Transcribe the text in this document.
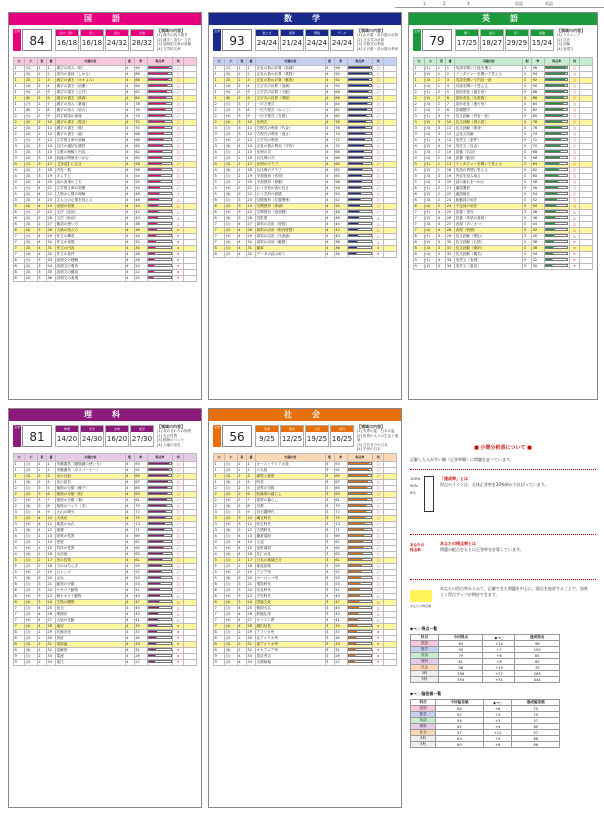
1	2	3	国語	英語
国　語
全体
84
話す・聞く
16/18
書く
16/18
読む
24/32
言語
28/32
【領域の内容】
[1] 漢字の読み書き
[2] 漢字・語句・文法
[3] 説明的文章の読解
[4] 文学的文章
大	小	領	番	出題内容	配	率	得点率	判	
1	(1)	1	1	漢字の読み（暗）	4	90		○	
1	(2)	1	2	語句の意味（しかる）	4	86		○	
1	(3)	1	3	漢字の書き（オオよみ）	4	88		○	
1	(4)	2	4	漢字の書き（治療）	4	84		○	
1	(5)	2	5	漢字の書き（公共）	4	82		○	
1	(6)	2	6	漢字の書き（経緯）	4	80		○	
1	(7)	1	7	漢字の読み（暴落）	4	78		○	
1	(8)	1	8	漢字の読み（頃合）	4	76		○	
2	(1)	2	9	四字熟語の意味	4	74		○	
2	(2)	2	10	漢字の書き（復活）	4	72		○	
2	(3)	2	11	漢字の書き（強）	4	70		○	
2	(4)	2	12	漢字の書き（疑）	4	68		○	
3	(1)	3	13	文学的文章の読解	4	66		○	
3	(2)	3	14	目次の適切な選択	4	64		○	
3	(3)	3	15	文脈の理解と内容	4	62		○	
3	(4)	3	16	段落の関係をつかむ	4	60		○	
4	(1)	3	17	【対話】に注目	4	58		○	
4	(2)	3	18	内容一覧	4	56		○	
4	(3)	3	19	あらすじ	4	54		○	
4	(4)	4	20	詩の表現の工夫	4	52		○	
5	(1)	4	21	文学的文章の展開	4	50		○	
5	(2)	4	22	人物の心情の理解	4	48		○	
5	(3)	4	23	主人公の心情を捉える	4	46		△	
5	(4)	4	24	表現の効果	4	44		△	
6	(1)	2	25	文法（品詞）	4	42		△	
6	(2)	2	26	文法（助詞）	4	40		△	
6	(3)	2	27	敬語の使い方	4	38		△	
6	(4)	3	28	古典の読み方	4	36		×	
7	(1)	4	29	作文の構成	4	34		×	
7	(2)	4	30	作文の表現	4	32		×	
7	(3)	4	31	作文の内容	4	30		×	
7	(4)	4	32	作文の条件	4	28		×	
8	(1)	3	33	説明文の理解	4	26		×	
8	(2)	3	34	説明文の要旨	4	24		×	
8	(3)	3	35	説明文の構成	4	22		×	
8	(4)	3	36	説明文の表現	4	20		×	
数　学
全体
93
数と式
24/24
図形
21/24
関数
24/24
データ
24/24
【領域の内容】
[1] 正の数・負の数の計算
[2] 文字式の計算
[3] 方程式の利用
[4] 正の数・負の数の利用
大	小	領	番	出題内容	配	率	得点率	判	
1	(1)	1	1	正負の数の計算（加減）	4	96		○	
1	(2)	1	2	正負の数の計算（乗除）	4	94		○	
1	(3)	1	3	正負の数の計算（累乗）	4	92		○	
1	(4)	2	4	文字式の計算（加減）	4	90		○	
1	(5)	2	5	文字式の計算（分配）	4	88		○	
1	(6)	2	6	文字式の計算（乗除）	4	86		○	
2	(1)	3	7	一次方程式	4	84		○	
2	(2)	3	8	一次方程式（かっこ）	4	82		○	
2	(3)	3	9	一次方程式（分数）	4	80		○	
2	(4)	3	10	比例式	4	78		○	
3	(1)	3	11	方程式の利用（代金）	4	76		○	
3	(2)	3	12	方程式の利用（速さ）	4	74		○	
3	(3)	2	13	文字式の利用	4	72		○	
3	(4)	4	14	正負の数の利用（平均）	4	70		○	
4	(1)	1	15	比例の式	4	68		○	
4	(2)	1	16	反比例の式	4	66		○	
4	(3)	1	17	比例のグラフ	4	64		○	
4	(4)	1	18	反比例のグラフ	4	62		○	
5	(1)	2	19	平面図形（作図）	4	60		○	
5	(2)	2	20	平面図形（移動）	4	58		○	
5	(3)	2	21	おうぎ形の弧の長さ	4	56		○	
5	(4)	2	22	おうぎ形の面積	4	54		○	
6	(1)	3	23	空間図形（位置関係）	4	52		○	
6	(2)	3	24	空間図形（体積）	4	50		○	
6	(3)	3	25	空間図形（表面積）	4	48		○	
6	(4)	3	26	投影図	4	46		△	
7	(1)	4	27	資料の活用（度数）	4	44		△	
7	(2)	4	28	資料の活用（相対度数）	4	42		△	
7	(3)	4	29	資料の活用（代表値）	4	40		△	
7	(4)	4	30	資料の活用（範囲）	4	38		△	
8	(1)	4	31	確率	4	36		×	
8	(2)	4	32	データの読み取り	4	34		×	
英　語
全体
79
聞く
17/25
読む
18/27
書く
29/29
語彙
15/24
【領域の内容】
[1] リスニング
[2] 文法
[3] 読解
[4] 表現力
大	小	領	番	出題内容	配	率	得点率	判	
1	(1)	1	1	英語を聞いて絵を選ぶ	3	96		○	
1	(2)	1	2	インタビューを聞いて答える	3	94		○	
1	(3)	1	3	英語を聞いて内容一致	3	92		○	
1	(4)	1	4	対話を聞いて答える	3	90		○	
2	(1)	2	5	語形変化（過去形）	3	88		○	
2	(2)	2	6	語形変化（比較級）	3	86		○	
2	(3)	2	7	語形変化（進行形）	3	84		○	
2	(4)	2	8	語順整序	3	82		○	
3	(1)	3	9	長文読解（内容一致）	3	80		○	
3	(2)	3	10	長文読解（指示語）	3	78		○	
3	(3)	3	11	長文読解（要旨）	3	76		○	
3	(4)	3	12	会話文読解	3	74		○	
4	(1)	4	13	英作文（条件）	3	72		○	
4	(2)	4	14	英作文（自由）	3	70		○	
4	(3)	2	15	語彙（名詞）	3	68		○	
4	(4)	2	16	語彙（動詞）	3	66		○	
5	(1)	1	17	インタビューを聞いて答える	3	64		○	
5	(2)	1	18	英語の質問に答える	3	62		○	
5	(3)	3	19	内容を読み取る	3	60		○	
5	(4)	3	20	話の流れをつかむ	3	58		○	
6	(1)	2	21	適語選択	3	56		○	
6	(2)	2	22	適語補充	3	54		○	
6	(3)	2	23	助動詞の用法	3	52		○	
6	(4)	2	24	不定詞の用法	3	50		○	
7	(1)	4	25	語彙・発音	3	48		△	
7	(2)	4	26	語彙（単語の意味）	3	46		△	
7	(3)	4	27	表現（あいさつ）	3	44		△	
7	(4)	4	28	表現（依頼）	3	42		△	
8	(1)	3	29	長文読解（理由）	3	40		△	
8	(2)	3	30	長文読解（心情）	3	38		×	
8	(3)	3	31	長文読解（要約）	3	36		×	
8	(4)	3	32	長文読解（題名）	3	34		×	
9	(1)	4	33	英作文（表現）	3	32		×	
9	(2)	4	34	英作文（意見）	3	30		×	
理　科
全体
81
物理
14/20
化学
24/30
生物
16/20
地学
27/30
【領域の内容】
[1] 身のまわりの物質
[2] 光の性質
[3] 植物のつくり
[4] 大地の変化
大	小	領	番	出題内容	配	率	得点率	判	
1	(1)	1	1	実験器具（顕微鏡の使い方）	4	93		○	
1	(2)	1	2	実験器具（ガスバーナー）	4	91		○	
1	(3)	2	3	光の反射	4	89		○	
1	(4)	2	4	光の屈折	4	87		○	
2	(1)	3	5	植物の分類（種子）	4	85		○	
2	(2)	3	6	植物の分類（根）	4	83		○	
2	(3)	3	7	植物の分類（葉）	4	81		○	
2	(4)	3	8	植物のつくり（花）	4	79		○	
3	(1)	4	9	火山の噴火	4	77		○	
3	(2)	4	10	火成岩	4	75		○	
3	(3)	4	11	地震のゆれ	4	73		○	
3	(4)	4	12	地層	4	71		○	
4	(1)	1	13	物質の性質	4	69		○	
4	(2)	1	14	密度	4	67		○	
4	(3)	1	15	気体の性質	4	65		○	
4	(4)	1	16	水溶液	4	63		○	
5	(1)	2	17	音の性質	4	61		○	
5	(2)	2	18	力のはたらき	4	59		○	
5	(3)	2	19	凸レンズ	4	57		○	
5	(4)	2	20	ばね	4	55		○	
6	(1)	3	21	動物の分類	4	53		○	
6	(2)	3	22	セキツイ動物	4	51		○	
6	(3)	3	23	無セキツイ動物	4	49		△	
6	(4)	3	24	生物の観察	4	47		△	
7	(1)	4	25	化石	4	45		△	
7	(2)	4	26	堆積岩	4	43		△	
7	(3)	4	27	大地の変動	4	41		△	
7	(4)	4	28	地形	4	39		×	
8	(1)	1	29	状態変化	4	37		×	
8	(2)	1	30	蒸留	4	35		×	
8	(3)	1	31	再結晶	4	33		×	
8	(4)	1	32	溶解度	4	31		×	
9	(1)	2	33	電流	4	29		×	
9	(2)	2	34	電圧	4	27		×	
社　会
全体
56
地理
9/25
歴史
12/25
公民
19/25
資料
16/25
【領域の内容】
[1] 世界の姿・日本の姿
[2] 世界の人々の生活と環境
[3] 古代までの日本
[4] 中世の日本
大	小	領	番	出題内容	配	率	得点率	判	
1	(1)	1	1	オーストラリア大陸	3	93		○	
1	(2)	1	2	六大陸	3	91		○	
1	(3)	1	3	緯度と経度	3	89		○	
1	(4)	1	4	時差	3	87		○	
2	(1)	2	5	世界の気候	3	85		○	
2	(2)	2	6	乾燥帯の暮らし	3	83		○	
2	(3)	2	7	寒帯の暮らし	3	81		○	
2	(4)	2	8	宗教	3	79		○	
3	(1)	3	9	旧石器時代	3	77		○	
3	(2)	3	10	縄文時代	3	75		○	
3	(3)	3	11	弥生時代	3	73		○	
3	(4)	3	12	古墳時代	3	71		○	
4	(1)	4	13	鎌倉幕府	3	69		○	
4	(2)	4	14	元寇	3	67		○	
4	(3)	4	15	室町幕府	3	65		○	
4	(4)	4	16	応仁の乱	3	63		○	
5	(1)	1	17	日本の地域区分	3	61		○	
5	(2)	1	18	都道府県	3	59		○	
5	(3)	2	19	アジア州	3	57		○	
5	(4)	2	20	ヨーロッパ州	3	55		○	
6	(1)	3	21	飛鳥時代	3	53		○	
6	(2)	3	22	奈良時代	3	51		○	
6	(3)	3	23	平安時代	3	49		△	
6	(4)	3	24	国風文化	3	47		△	
7	(1)	4	25	戦国大名	3	45		△	
7	(2)	4	26	鉄砲伝来	3	43		△	
7	(3)	4	27	キリスト教	3	41		△	
7	(4)	4	28	織田信長	3	39		×	
8	(1)	2	29	アフリカ州	3	37		×	
8	(2)	2	30	北アメリカ州	3	35		×	
8	(3)	2	31	南アメリカ州	3	33		×	
8	(4)	2	32	オセアニア州	3	31		×	
9	(1)	4	33	豊臣秀吉	3	29		×	
9	(2)	4	34	太閤検地	3	27		×	
■ 小問分析表について ■

正解した人が多い順（正答率順）に問題を並べています。

100%
50%
0%

「達成率」とは

得点のラインは、全体正答率を20%刻みで区切っています。

あなたの
得点率

あなたの得点率とは

問題の配点をもとに正答率を計算しています。

あなたの得点域

あなたの得点率からみて、正解できた問題を中心に、弱点を復習することで、効果よく得点アップが期待できます。

◆→○ 得点一覧
科目	今回得点	◆→○	達成得点
国語	84	+14	98
数学	93	+7	100
英語	79	+6	85
理科	81	+8	89
社会	56	+19	75
3科	256	+27	283
5科	393	+51	444
◆→○ 偏差値一覧
科目	今回偏差値	◆→○	達成偏差値
国語	64	+6	70
数学	67	+3	70
英語	54	+3	57
理科	61	+4	65
社会	47	+10	57
3科	63	+5	68
5科	60	+6	66
